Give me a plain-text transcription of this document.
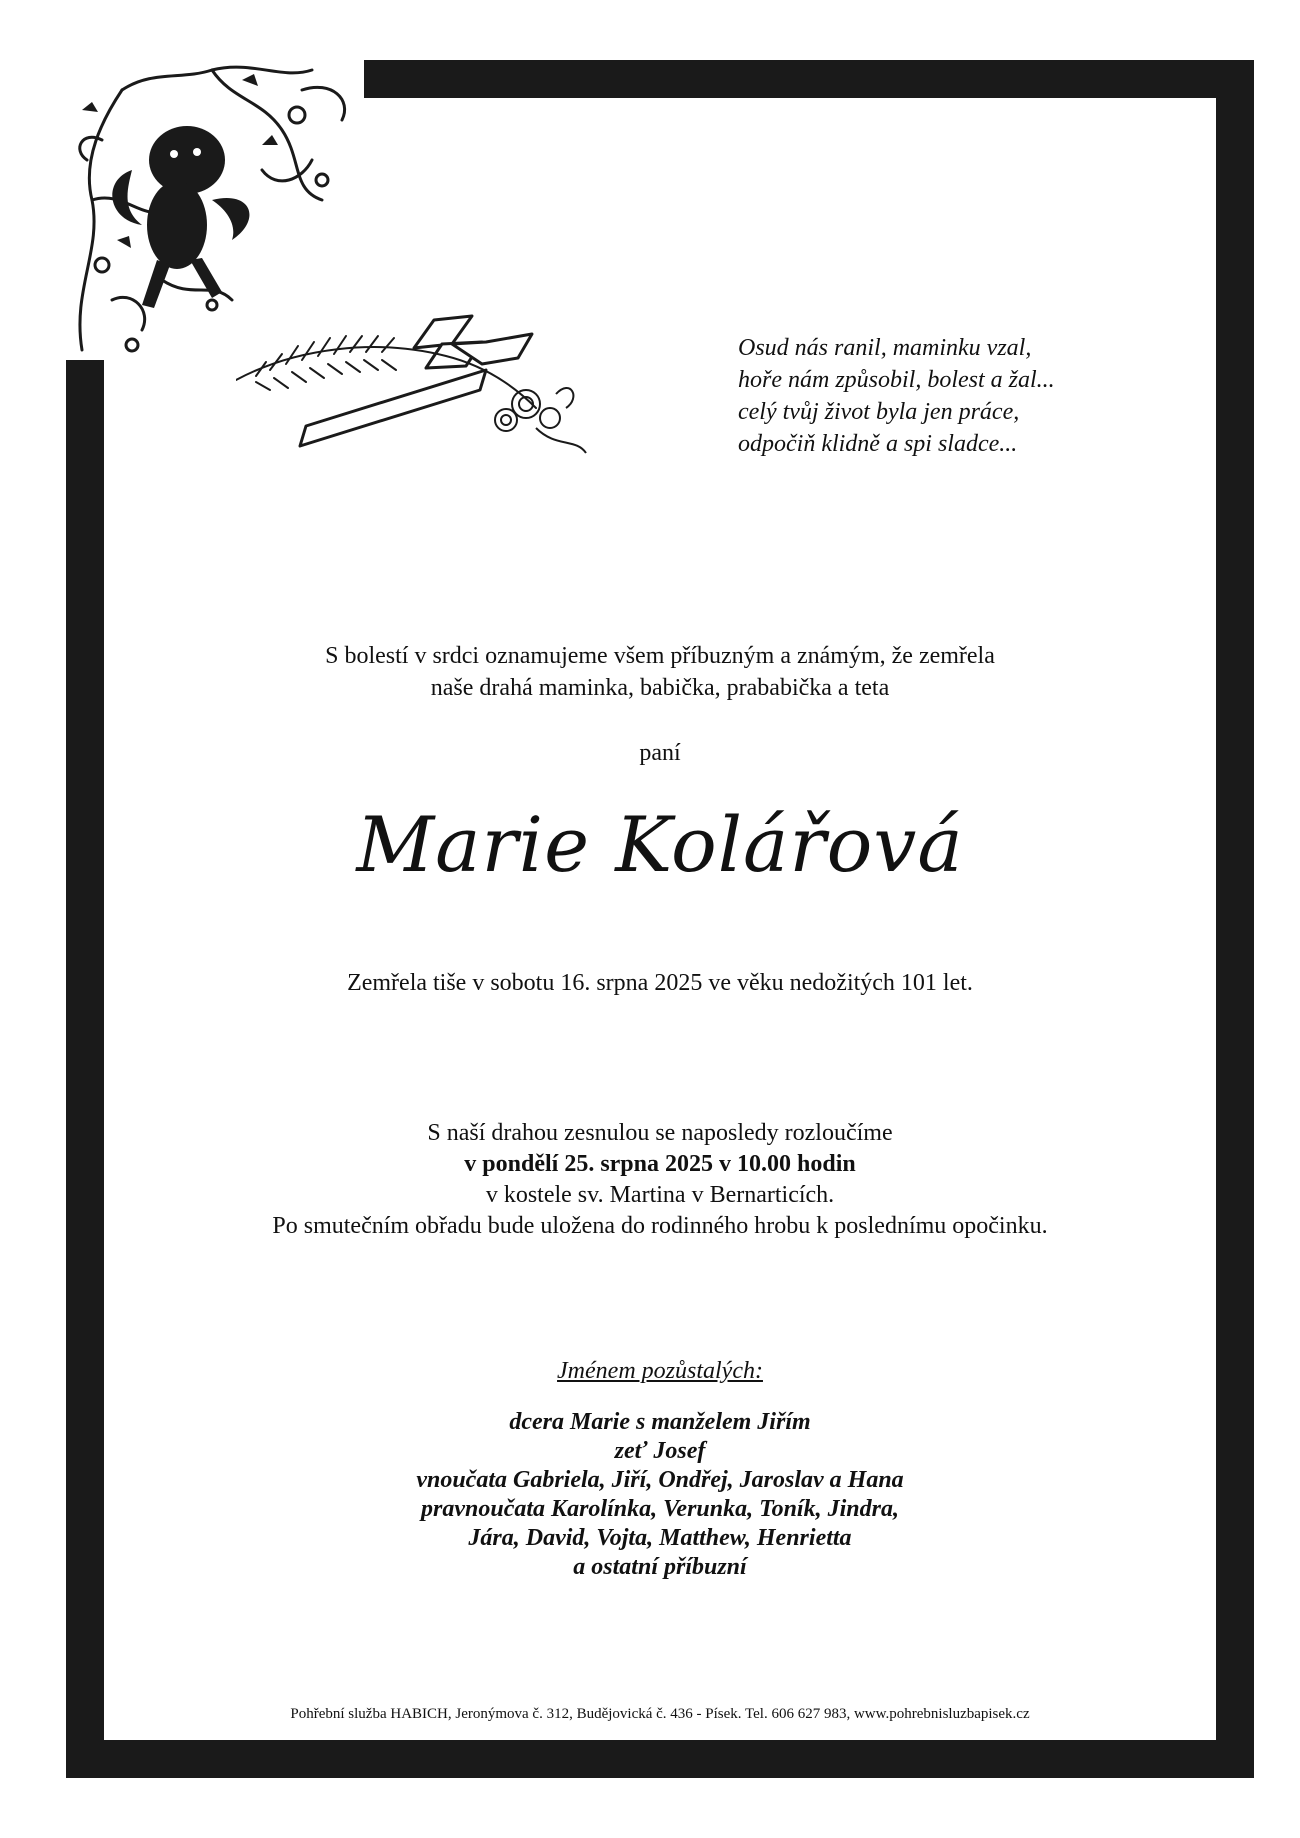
Osud nás ranil, maminku vzal,
hoře nám způsobil, bolest a žal...
celý tvůj život byla jen práce,
odpočiň klidně a spi sladce...
S bolestí v srdci oznamujeme všem příbuzným a známým, že zemřela
naše drahá maminka, babička, prababička a teta
paní
Marie Kolářová
Zemřela tiše v sobotu 16. srpna 2025 ve věku nedožitých 101 let.
S naší drahou zesnulou se naposledy rozloučíme
v pondělí 25. srpna 2025 v 10.00 hodin
v kostele sv. Martina v Bernarticích.
Po smutečním obřadu bude uložena do rodinného hrobu k poslednímu opočinku.
Jménem pozůstalých:
dcera Marie s manželem Jiřím
zeť Josef
vnoučata Gabriela, Jiří, Ondřej, Jaroslav a Hana
pravnoučata Karolínka, Verunka, Toník, Jindra,
Jára, David, Vojta, Matthew, Henrietta
a ostatní příbuzní
Pohřební služba HABICH, Jeronýmova č. 312, Budějovická č. 436 - Písek. Tel. 606 627 983, www.pohrebnisluzbapisek.cz
